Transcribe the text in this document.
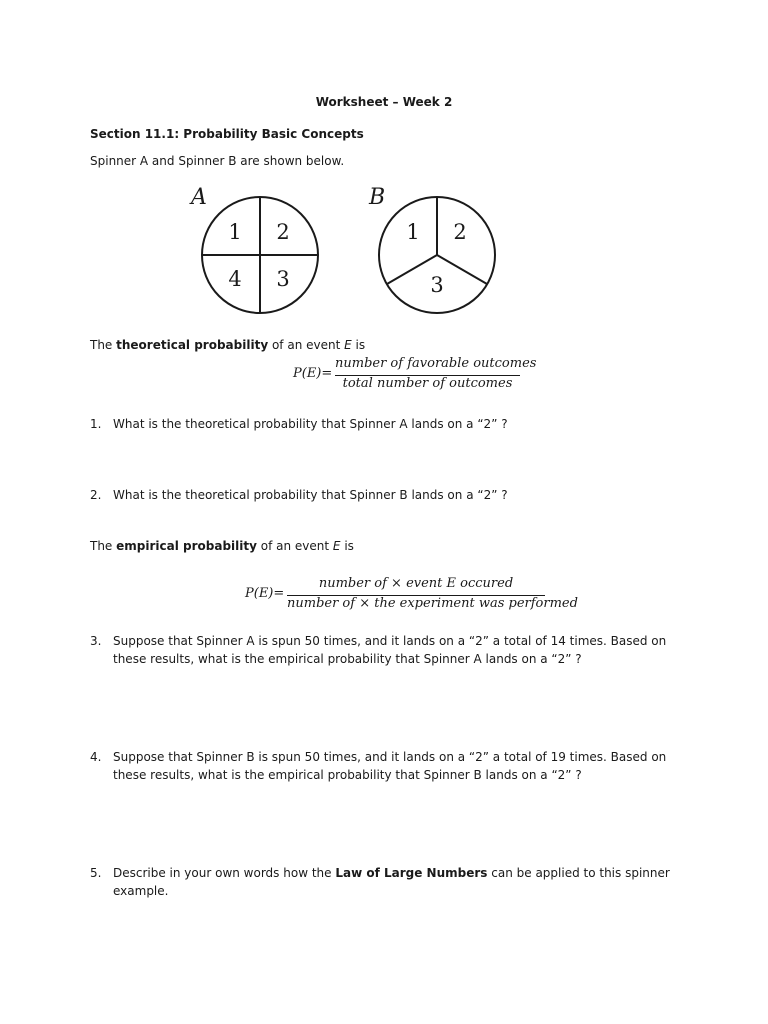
Worksheet – Week 2
Section 11.1: Probability Basic Concepts
Spinner A and Spinner B are shown below.
A
1 2
4 3
B
1 2
3
The theoretical probability of an event E is
P(E)=
number of favorable outcomes
total number of outcomes
1. What is the theoretical probability that Spinner A lands on a “2” ?
2. What is the theoretical probability that Spinner B lands on a “2” ?
The empirical probability of an event E is
P(E)=
number of × event E occured
number of × the experiment was performed
3. Suppose that Spinner A is spun 50 times, and it lands on a “2” a total of 14 times. Based on these results, what is the empirical probability that Spinner A lands on a “2” ?
4. Suppose that Spinner B is spun 50 times, and it lands on a “2” a total of 19 times. Based on these results, what is the empirical probability that Spinner B lands on a “2” ?
5. Describe in your own words how the Law of Large Numbers can be applied to this spinner example.
